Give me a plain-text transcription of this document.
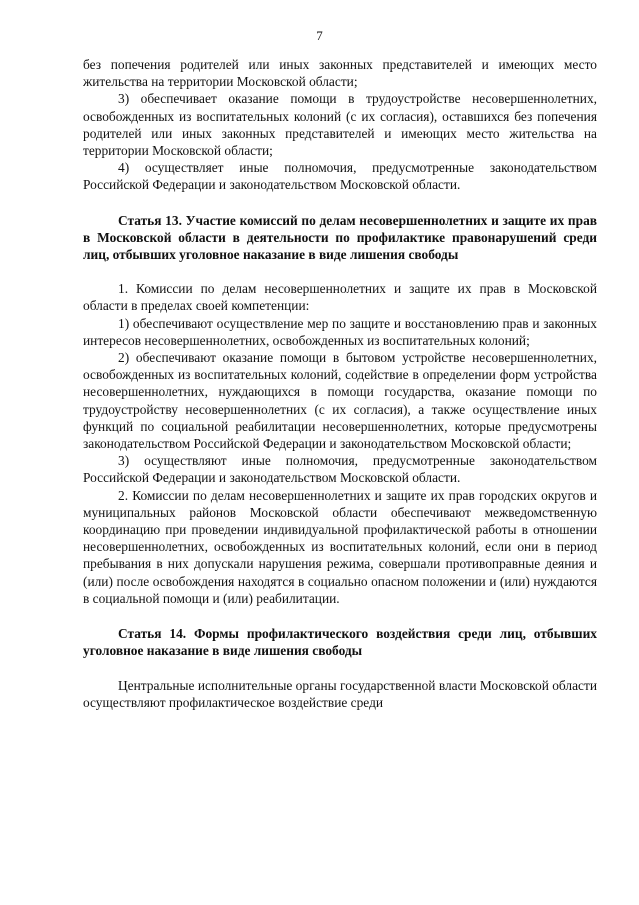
7

без попечения родителей или иных законных представителей и имеющих место жительства на территории Московской области;

3) обеспечивает оказание помощи в трудоустройстве несовершеннолетних, освобожденных из воспитательных колоний (с их согласия), оставшихся без попечения родителей или иных законных представителей и имеющих место жительства на территории Московской области;

4) осуществляет иные полномочия, предусмотренные законодательством Российской Федерации и законодательством Московской области.

Статья 13. Участие комиссий по делам несовершеннолетних и защите их прав в Московской области в деятельности по профилактике правонарушений среди лиц, отбывших уголовное наказание в виде лишения свободы

1. Комиссии по делам несовершеннолетних и защите их прав в Московской области в пределах своей компетенции:

1) обеспечивают осуществление мер по защите и восстановлению прав и законных интересов несовершеннолетних, освобожденных из воспитательных колоний;

2) обеспечивают оказание помощи в бытовом устройстве несовершеннолетних, освобожденных из воспитательных колоний, содействие в определении форм устройства несовершеннолетних, нуждающихся в помощи государства, оказание помощи по трудоустройству несовершеннолетних (с их согласия), а также осуществление иных функций по социальной реабилитации несовершеннолетних, которые предусмотрены законодательством Российской Федерации и законодательством Московской области;

3) осуществляют иные полномочия, предусмотренные законодательством Российской Федерации и законодательством Московской области.

2. Комиссии по делам несовершеннолетних и защите их прав городских округов и муниципальных районов Московской области обеспечивают межведомственную координацию при проведении индивидуальной профилактической работы в отношении несовершеннолетних, освобожденных из воспитательных колоний, если они в период пребывания в них допускали нарушения режима, совершали противоправные деяния и (или) после освобождения находятся в социально опасном положении и (или) нуждаются в социальной помощи и (или) реабилитации.

Статья 14. Формы профилактического воздействия среди лиц, отбывших уголовное наказание в виде лишения свободы

Центральные исполнительные органы государственной власти Московской области осуществляют профилактическое воздействие среди
